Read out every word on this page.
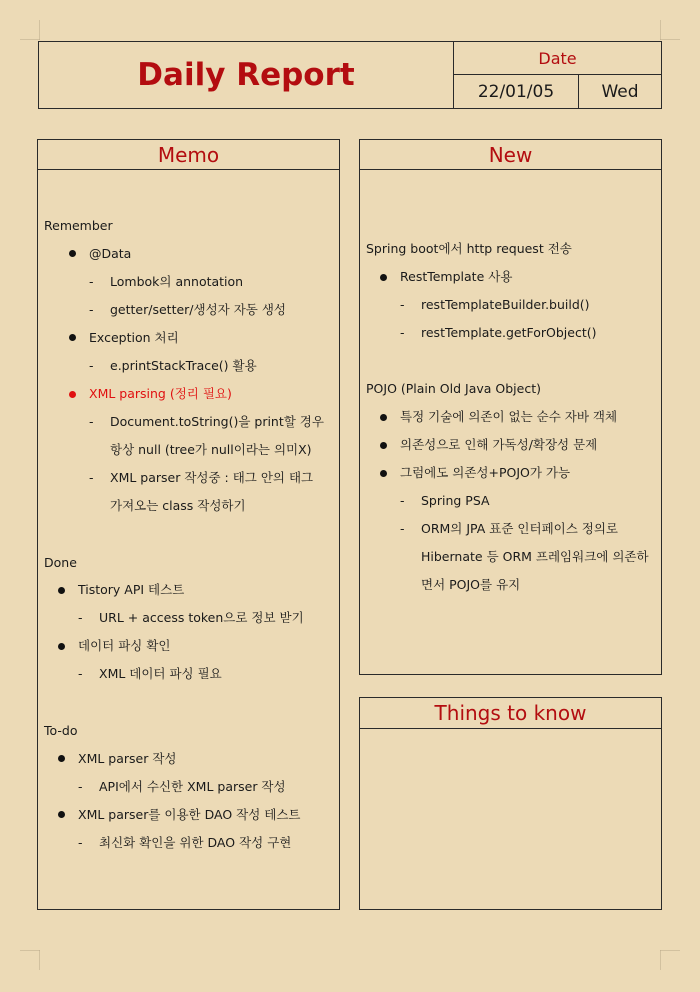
Daily Report	Date
22/01/05	Wed
Memo
Remember
@Data
- Lombok의 annotation
- getter/setter/생성자 자동 생성
Exception 처리
- e.printStackTrace() 활용
XML parsing (정리 필요)
- Document.toString()을 print할 경우
항상 null (tree가 null이라는 의미X)
- XML parser 작성중 : 태그 안의 태그
가져오는 class 작성하기
Done
Tistory API 테스트
- URL + access token으로 정보 받기
데이터 파싱 확인
- XML 데이터 파싱 필요
To-do
XML parser 작성
- API에서 수신한 XML parser 작성
XML parser를 이용한 DAO 작성 테스트
- 최신화 확인을 위한 DAO 작성 구현
New
Spring boot에서 http request 전송
RestTemplate 사용
- restTemplateBuilder.build()
- restTemplate.getForObject()
POJO (Plain Old Java Object)
특정 기술에 의존이 없는 순수 자바 객체
의존성으로 인해 가독성/확장성 문제
그럼에도 의존성+POJO가 가능
- Spring PSA
- ORM의 JPA 표준 인터페이스 정의로
Hibernate 등 ORM 프레임워크에 의존하
면서 POJO를 유지
Things to know
